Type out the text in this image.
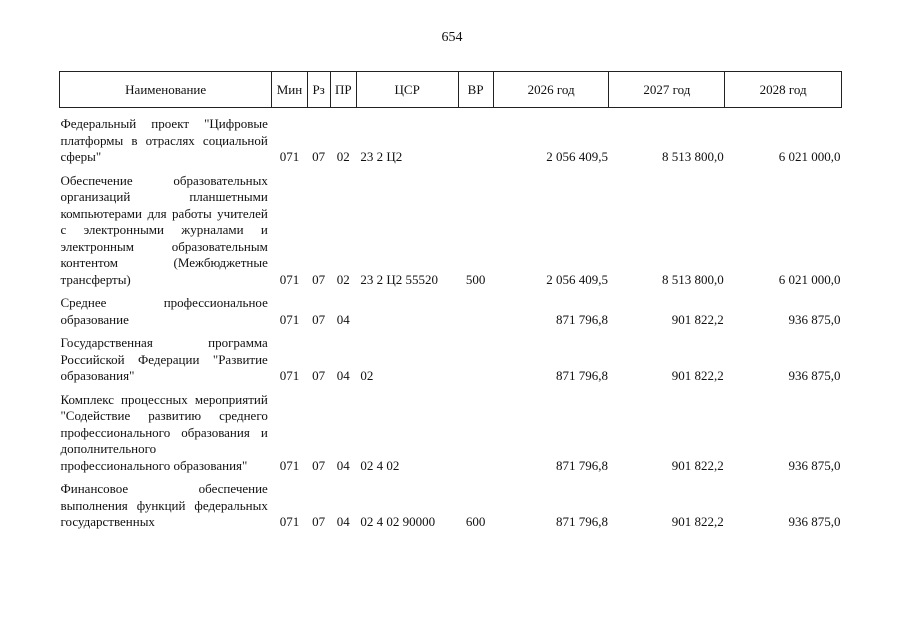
654
Наименование	Мин	Рз	ПР	ЦСР	ВР	2026 год	2027 год	2028 год
Федеральный проект "Цифровые платформы в отраслях социальной сферы"	071	07	02	23 2 Ц2		2 056 409,5	8 513 800,0	6 021 000,0
Обеспечение образовательных организаций планшетными компьютерами для работы учителей с электронными журналами и электронным образовательным контентом (Межбюджетные трансферты)	071	07	02	23 2 Ц2 55520	500	2 056 409,5	8 513 800,0	6 021 000,0
Среднее профессиональное образование	071	07	04			871 796,8	901 822,2	936 875,0
Государственная программа Российской Федерации "Развитие образования"	071	07	04	02		871 796,8	901 822,2	936 875,0
Комплекс процессных мероприятий "Содействие развитию среднего профессионального образования и дополнительного профессионального образования"	071	07	04	02 4 02		871 796,8	901 822,2	936 875,0
Финансовое обеспечение выполнения функций федеральных государственных	071	07	04	02 4 02 90000	600	871 796,8	901 822,2	936 875,0
